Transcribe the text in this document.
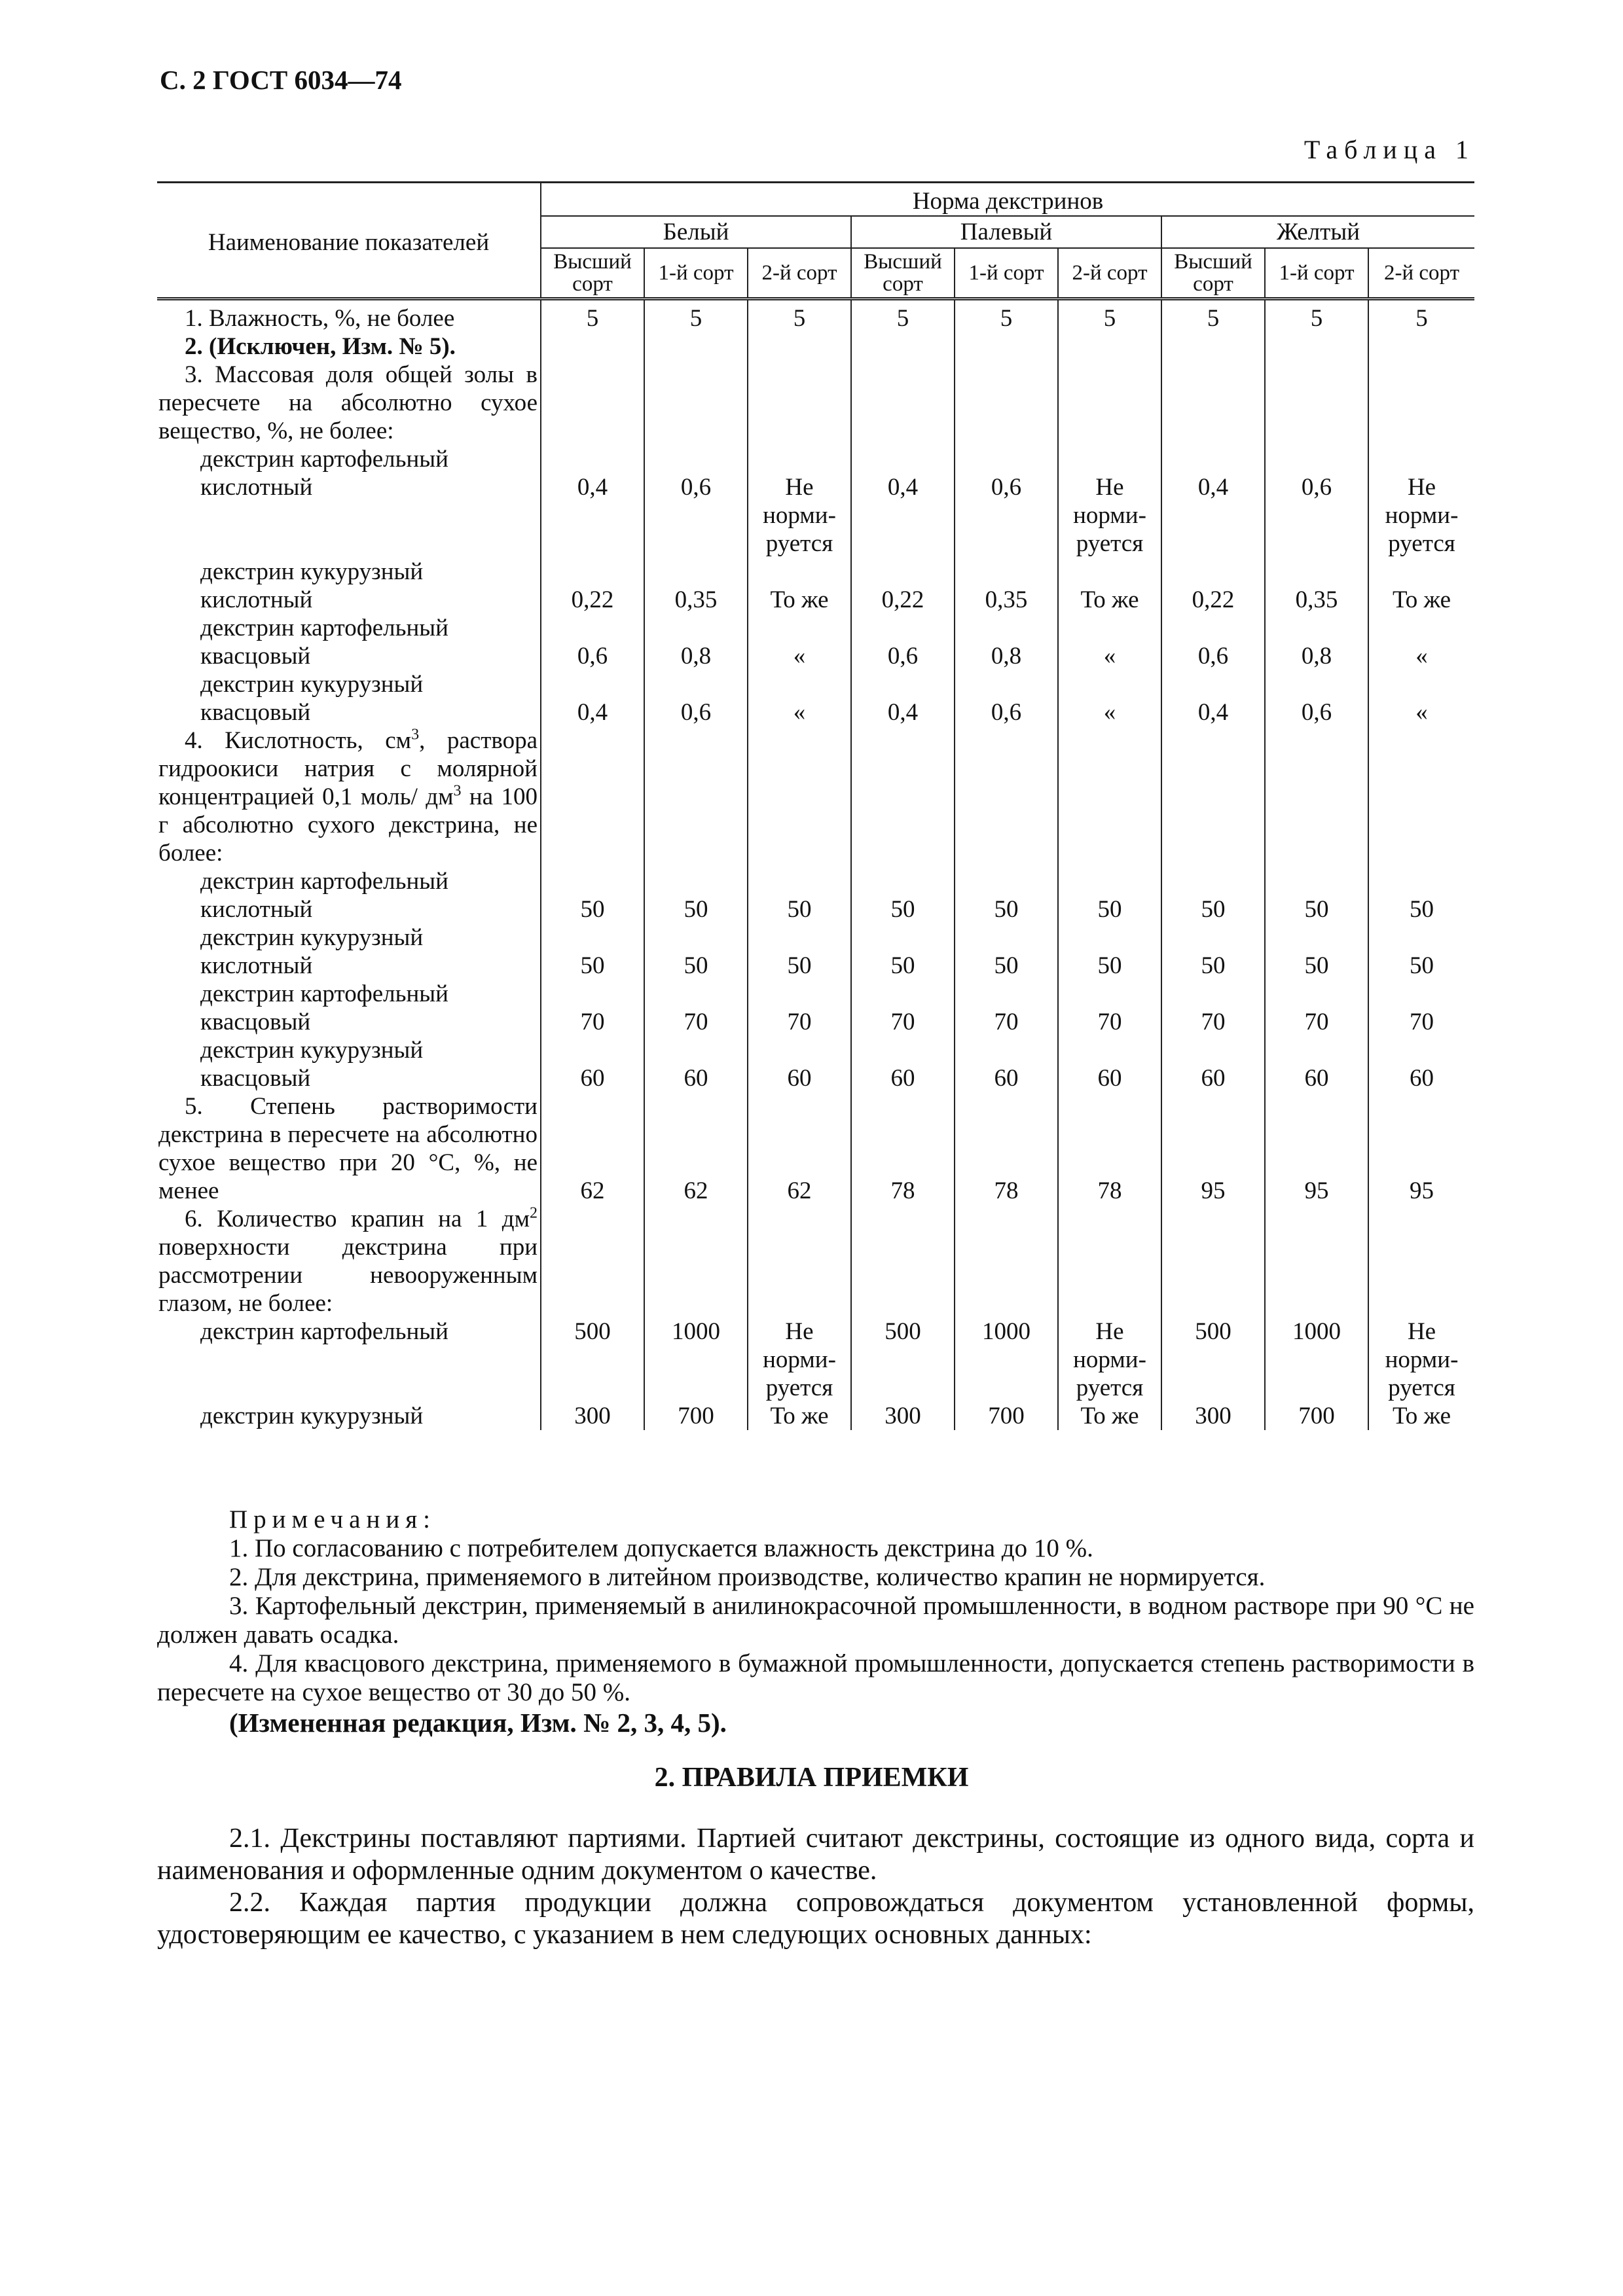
С. 2 ГОСТ 6034—74
Таблица 1
Наименование показателей	Норма декстринов								
	Белый			Палевый			Желтый		
	Высший сорт	1-й сорт	2-й сорт	Высший сорт	1-й сорт	2-й сорт	Высший сорт	1-й сорт	2-й сорт
1. Влажность, %, не более	5	5	5	5	5	5	5	5	5
2. (Исключен, Изм. № 5).									
3. Массовая доля общей золы в пересчете на абсолютно сухое вещество, %, не более:									
декстрин картофельный кислотный	0,4	0,6	Не нормируется	0,4	0,6	Не нормируется	0,4	0,6	Не нормируется
декстрин кукурузный кислотный	0,22	0,35	То же	0,22	0,35	То же	0,22	0,35	То же
декстрин картофельный квасцовый	0,6	0,8	«	0,6	0,8	«	0,6	0,8	«
декстрин кукурузный квасцовый	0,4	0,6	«	0,4	0,6	«	0,4	0,6	«
4. Кислотность, $см^3$, раствора гидроокиси натрия с молярной концентрацией 0,1 моль/ $дм^3$ на 100 г абсолютно сухого декстрина, не более:									
декстрин картофельный кислотный	50	50	50	50	50	50	50	50	50
декстрин кукурузный кислотный	50	50	50	50	50	50	50	50	50
декстрин картофельный квасцовый	70	70	70	70	70	70	70	70	70
декстрин кукурузный квасцовый	60	60	60	60	60	60	60	60	60
5. Степень растворимости декстрина в пересчете на абсолютно сухое вещество при 20 °С, %, не менее	62	62	62	78	78	78	95	95	95
6. Количество крапин на 1 $дм^2$ поверхности декстрина при рассмотрении невооруженным глазом, не более:									
декстрин картофельный	500	1000	Не нормируется	500	1000	Не нормируется	500	1000	Не нормируется
декстрин кукурузный	300	700	То же	300	700	То же	300	700	То же

Примечания:

1. По согласованию с потребителем допускается влажность декстрина до 10 %.

2. Для декстрина, применяемого в литейном производстве, количество крапин не нормируется.

3. Картофельный декстрин, применяемый в анилинокрасочной промышленности, в водном растворе при 90 °С не должен давать осадка.

4. Для квасцового декстрина, применяемого в бумажной промышленности, допускается степень растворимости в пересчете на сухое вещество от 30 до 50 %.

(Измененная редакция, Изм. № 2, 3, 4, 5).

2. ПРАВИЛА ПРИЕМКИ

2.1. Декстрины поставляют партиями. Партией считают декстрины, состоящие из одного вида, сорта и наименования и оформленные одним документом о качестве.

2.2. Каждая партия продукции должна сопровождаться документом установленной формы, удостоверяющим ее качество, с указанием в нем следующих основных данных:
